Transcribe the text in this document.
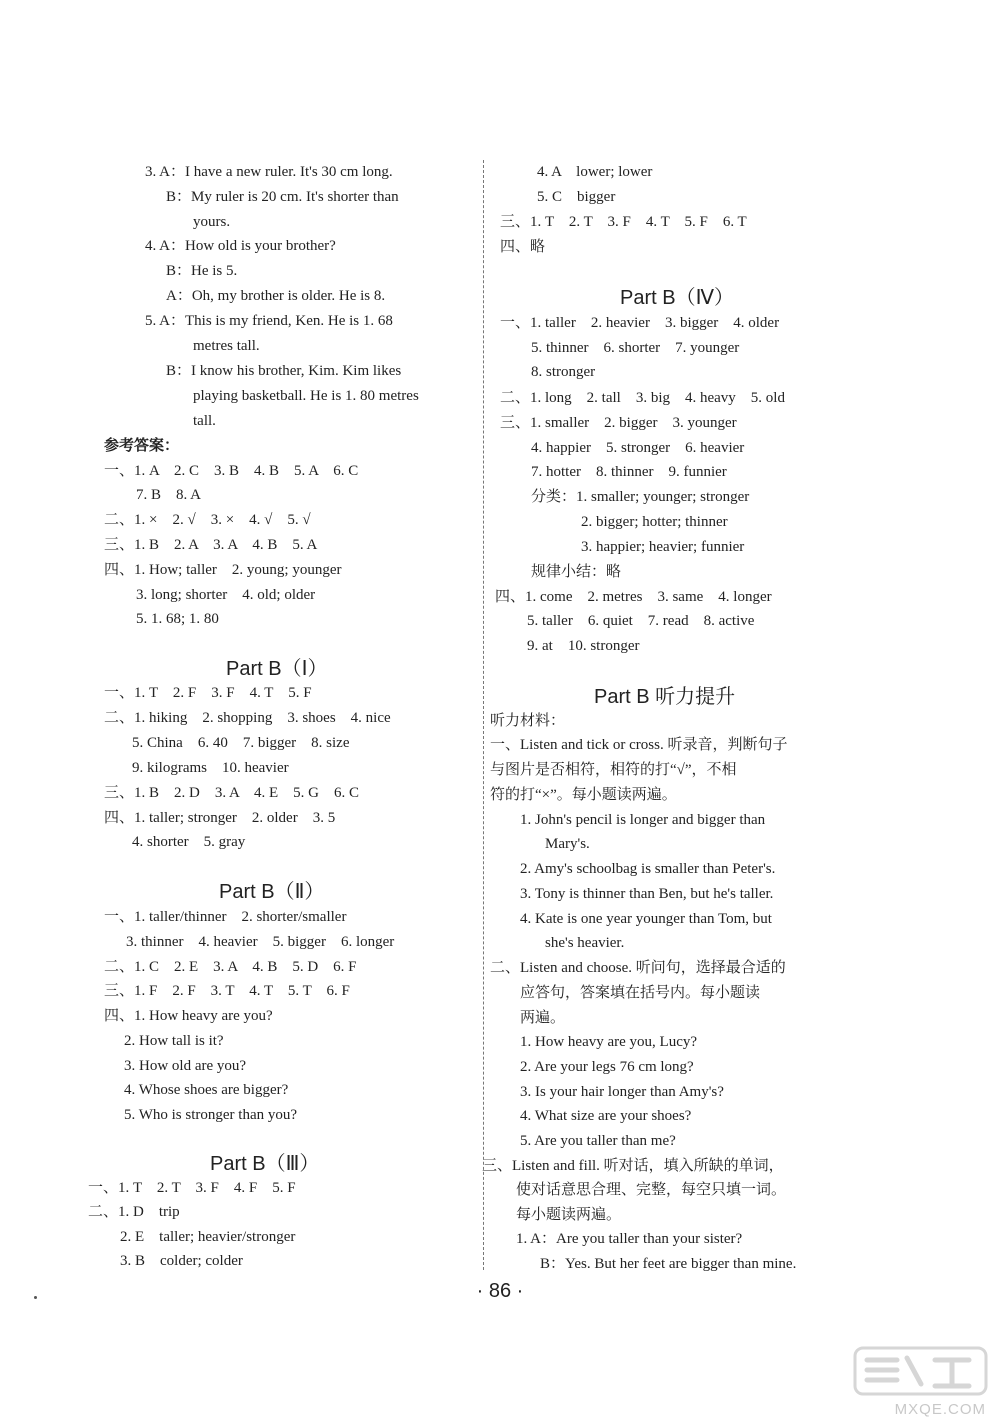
3. A：I have a new ruler. It's 30 cm long.
B：My ruler is 20 cm. It's shorter than
yours.
4. A：How old is your brother?
B：He is 5.
A：Oh, my brother is older. He is 8.
5. A：This is my friend, Ken. He is 1. 68
metres tall.
B：I know his brother, Kim. Kim likes
playing basketball. He is 1. 80 metres
tall.
参考答案：
一、1. A　2. C　3. B　4. B　5. A　6. C
7. B　8. A
二、1. ×　2. √　3. ×　4. √　5. √
三、1. B　2. A　3. A　4. B　5. A
四、1. How; taller　2. young; younger
3. long; shorter　4. old; older
5. 1. 68; 1. 80
Part B（Ⅰ）
一、1. T　2. F　3. F　4. T　5. F
二、1. hiking　2. shopping　3. shoes　4. nice
5. China　6. 40　7. bigger　8. size
9. kilograms　10. heavier
三、1. B　2. D　3. A　4. E　5. G　6. C
四、1. taller; stronger　2. older　3. 5
4. shorter　5. gray
Part B（Ⅱ）
一、1. taller/thinner　2. shorter/smaller
3. thinner　4. heavier　5. bigger　6. longer
二、1. C　2. E　3. A　4. B　5. D　6. F
三、1. F　2. F　3. T　4. T　5. T　6. F
四、1. How heavy are you?
2. How tall is it?
3. How old are you?
4. Whose shoes are bigger?
5. Who is stronger than you?
Part B（Ⅲ）
一、1. T　2. T　3. F　4. F　5. F
二、1. D　trip
2. E　taller; heavier/stronger
3. B　colder; colder
4. A　lower; lower
5. C　bigger
三、1. T　2. T　3. F　4. T　5. F　6. T
四、略
Part B（Ⅳ）
一、1. taller　2. heavier　3. bigger　4. older
5. thinner　6. shorter　7. younger
8. stronger
二、1. long　2. tall　3. big　4. heavy　5. old
三、1. smaller　2. bigger　3. younger
4. happier　5. stronger　6. heavier
7. hotter　8. thinner　9. funnier
分类：1. smaller; younger; stronger
2. bigger; hotter; thinner
3. happier; heavier; funnier
规律小结：略
四、1. come　2. metres　3. same　4. longer
5. taller　6. quiet　7. read　8. active
9. at　10. stronger
Part B 听力提升
听力材料：
一、Listen and tick or cross. 听录音，判断句子
与图片是否相符，相符的打“√”，不相
符的打“×”。每小题读两遍。
1. John's pencil is longer and bigger than
Mary's.
2. Amy's schoolbag is smaller than Peter's.
3. Tony is thinner than Ben, but he's taller.
4. Kate is one year younger than Tom, but
she's heavier.
二、Listen and choose. 听问句，选择最合适的
应答句，答案填在括号内。每小题读
两遍。
1. How heavy are you, Lucy?
2. Are your legs 76 cm long?
3. Is your hair longer than Amy's?
4. What size are your shoes?
5. Are you taller than me?
三、Listen and fill. 听对话，填入所缺的单词，
使对话意思合理、完整，每空只填一词。
每小题读两遍。
1. A：Are you taller than your sister?
B：Yes. But her feet are bigger than mine.
· 86 ·
MXQE.COM
